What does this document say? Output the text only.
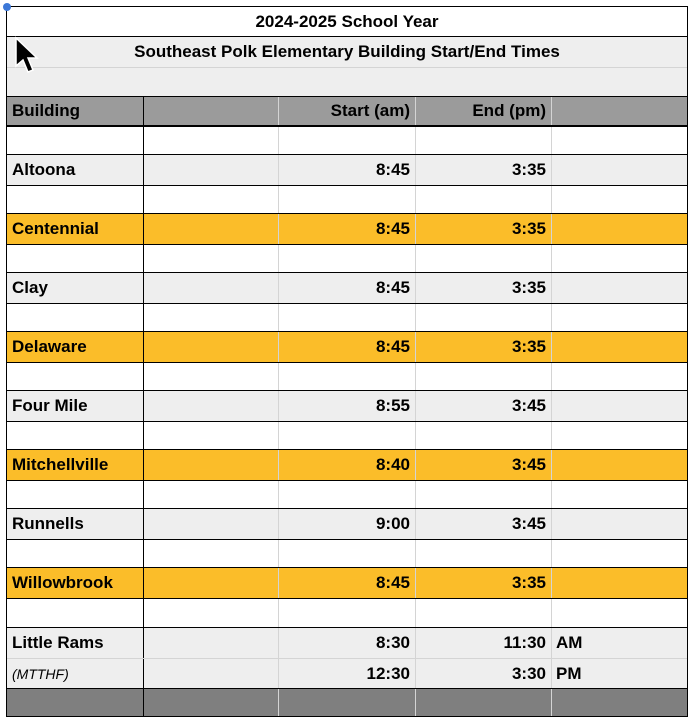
2024-2025 School Year
Southeast Polk Elementary Building Start/End Times
Building	Start (am)	End (pm)
Altoona	8:45	3:35
Centennial	8:45	3:35
Clay	8:45	3:35
Delaware	8:45	3:35
Four Mile	8:55	3:45
Mitchellville	8:40	3:45
Runnells	9:00	3:45
Willowbrook	8:45	3:35
Little Rams	8:30	11:30 AM
(MTTHF)	12:30	3:30 PM
